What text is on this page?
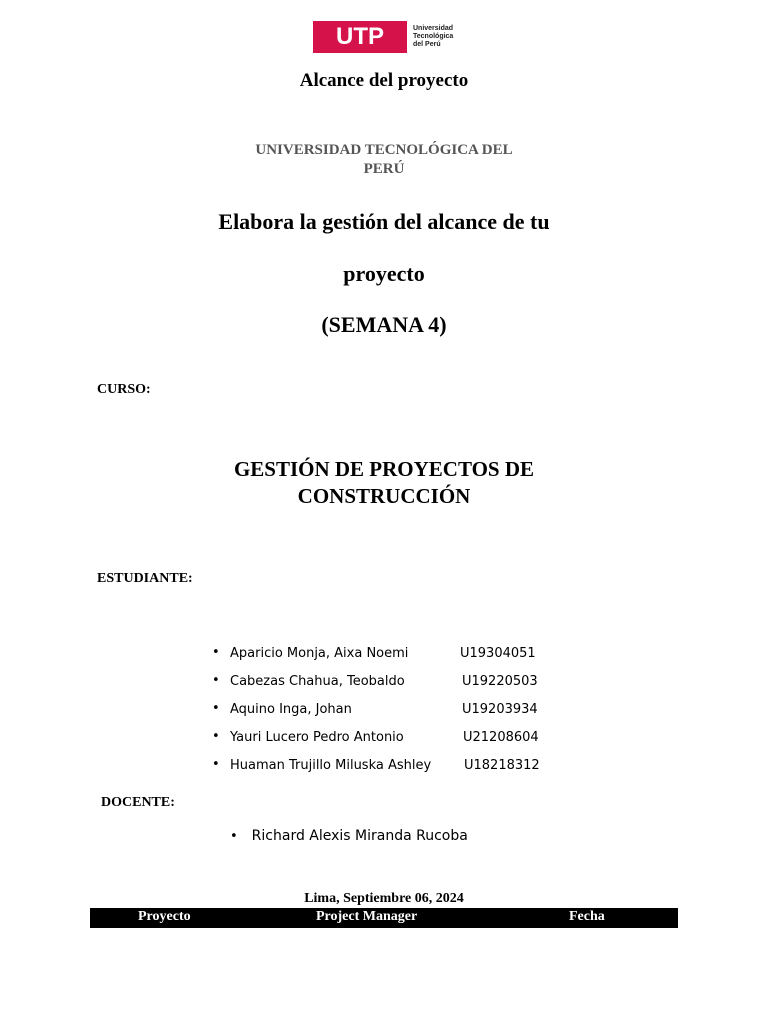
UTP	Universidad
Tecnológica
del Perú
Alcance del proyecto
UNIVERSIDAD TECNOLÓGICA DEL
PERÚ
Elabora la gestión del alcance de tu
proyecto
(SEMANA 4)
CURSO:
GESTIÓN DE PROYECTOS DE
CONSTRUCCIÓN
ESTUDIANTE:
• Aparicio Monja, Aixa Noemi	U19304051
• Cabezas Chahua, Teobaldo	U19220503
• Aquino Inga, Johan	U19203934
• Yauri Lucero Pedro Antonio	U21208604
• Huaman Trujillo Miluska Ashley	U18218312
DOCENTE:
• Richard Alexis Miranda Rucoba
Lima, Septiembre 06, 2024
Proyecto	Project Manager	Fecha
